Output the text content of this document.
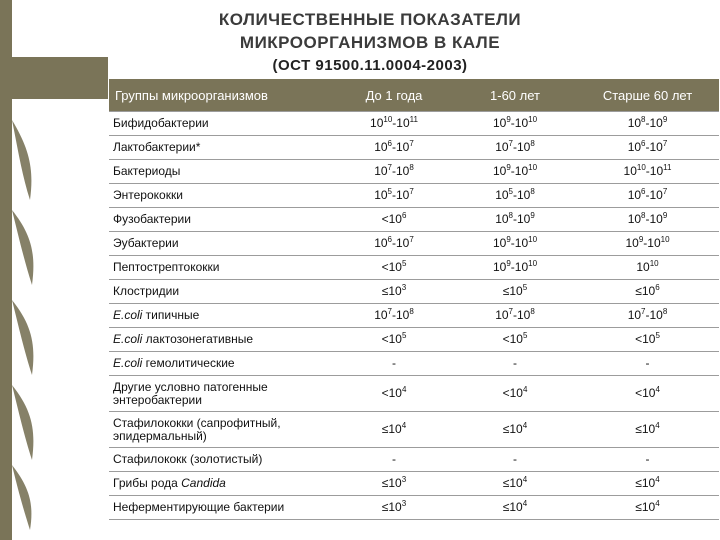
КОЛИЧЕСТВЕННЫЕ ПОКАЗАТЕЛИ
МИКРООРГАНИЗМОВ В КАЛЕ
(ОСТ 91500.11.0004-2003)
Группы микроорганизмов	До 1 года	1-60 лет	Старше 60 лет
Бифидобактерии	$10^{10}-10^{11}$	$10^9-10^{10}$	$10^8-10^9$
Лактобактерии*	$10^6-10^7$	$10^7-10^8$	$10^6-10^7$
Бактериоды	$10^7-10^8$	$10^9-10^{10}$	$10^{10}-10^{11}$
Энтерококки	$10^5-10^7$	$10^5-10^8$	$10^6-10^7$
Фузобактерии	$<10^6$	$10^8-10^9$	$10^8-10^9$
Эубактерии	$10^6-10^7$	$10^9-10^{10}$	$10^9-10^{10}$
Пептострептококки	$<10^5$	$10^9-10^{10}$	$10^{10}$
Клостридии	$\le 10^3$	$\le 10^5$	$\le 10^6$
E.coli типичные	$10^7-10^8$	$10^7-10^8$	$10^7-10^8$
E.coli лактозонегативные	$<10^5$	$<10^5$	$<10^5$
E.coli гемолитические	-	-	-
Другие условно патогенные энтеробактерии	$<10^4$	$<10^4$	$<10^4$
Стафилококки (сапрофитный, эпидермальный)	$\le 10^4$	$\le 10^4$	$\le 10^4$
Стафилококк (золотистый)	-	-	-
Грибы рода Candida	$\le 10^3$	$\le 10^4$	$\le 10^4$
Неферментирующие бактерии	$\le 10^3$	$\le 10^4$	$\le 10^4$
